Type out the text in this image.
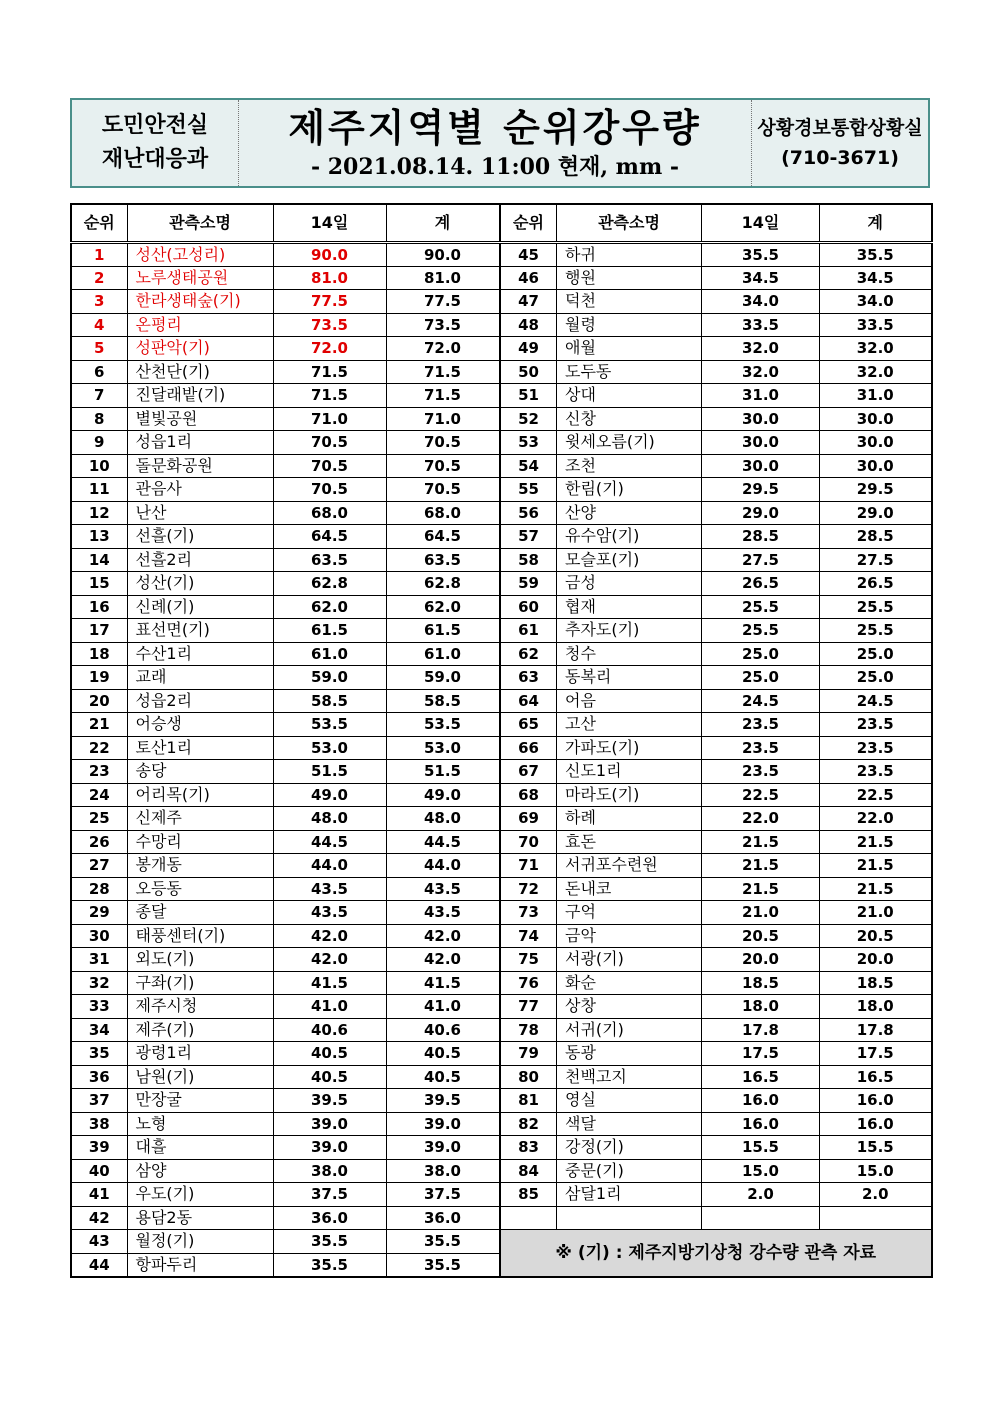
도민안전실
재난대응과
제주지역별 순위강우량
- 2021.08.14. 11:00 현재, mm -
상황경보통합상황실
(710-3671)
순위	관측소명	14일	계
1	성산(고성리)	90.0	90.0
2	노루생태공원	81.0	81.0
3	한라생태숲(기)	77.5	77.5
4	온평리	73.5	73.5
5	성판악(기)	72.0	72.0
6	산천단(기)	71.5	71.5
7	진달래밭(기)	71.5	71.5
8	별빛공원	71.0	71.0
9	성읍1리	70.5	70.5
10	돌문화공원	70.5	70.5
11	관음사	70.5	70.5
12	난산	68.0	68.0
13	선흘(기)	64.5	64.5
14	선흘2리	63.5	63.5
15	성산(기)	62.8	62.8
16	신례(기)	62.0	62.0
17	표선면(기)	61.5	61.5
18	수산1리	61.0	61.0
19	교래	59.0	59.0
20	성읍2리	58.5	58.5
21	어승생	53.5	53.5
22	토산1리	53.0	53.0
23	송당	51.5	51.5
24	어리목(기)	49.0	49.0
25	신제주	48.0	48.0
26	수망리	44.5	44.5
27	봉개동	44.0	44.0
28	오등동	43.5	43.5
29	종달	43.5	43.5
30	태풍센터(기)	42.0	42.0
31	외도(기)	42.0	42.0
32	구좌(기)	41.5	41.5
33	제주시청	41.0	41.0
34	제주(기)	40.6	40.6
35	광령1리	40.5	40.5
36	남원(기)	40.5	40.5
37	만장굴	39.5	39.5
38	노형	39.0	39.0
39	대흘	39.0	39.0
40	삼양	38.0	38.0
41	우도(기)	37.5	37.5
42	용담2동	36.0	36.0
43	월정(기)	35.5	35.5
44	항파두리	35.5	35.5
순위	관측소명	14일	계
45	하귀	35.5	35.5
46	행원	34.5	34.5
47	덕천	34.0	34.0
48	월령	33.5	33.5
49	애월	32.0	32.0
50	도두동	32.0	32.0
51	상대	31.0	31.0
52	신창	30.0	30.0
53	윗세오름(기)	30.0	30.0
54	조천	30.0	30.0
55	한림(기)	29.5	29.5
56	산양	29.0	29.0
57	유수암(기)	28.5	28.5
58	모슬포(기)	27.5	27.5
59	금성	26.5	26.5
60	협재	25.5	25.5
61	추자도(기)	25.5	25.5
62	청수	25.0	25.0
63	동복리	25.0	25.0
64	어음	24.5	24.5
65	고산	23.5	23.5
66	가파도(기)	23.5	23.5
67	신도1리	23.5	23.5
68	마라도(기)	22.5	22.5
69	하례	22.0	22.0
70	효돈	21.5	21.5
71	서귀포수련원	21.5	21.5
72	돈내코	21.5	21.5
73	구억	21.0	21.0
74	금악	20.5	20.5
75	서광(기)	20.0	20.0
76	화순	18.5	18.5
77	상창	18.0	18.0
78	서귀(기)	17.8	17.8
79	동광	17.5	17.5
80	천백고지	16.5	16.5
81	영실	16.0	16.0
82	색달	16.0	16.0
83	강정(기)	15.5	15.5
84	중문(기)	15.0	15.0
85	삼달1리	2.0	2.0

※ (기) : 제주지방기상청 강수량 관측 자료			
